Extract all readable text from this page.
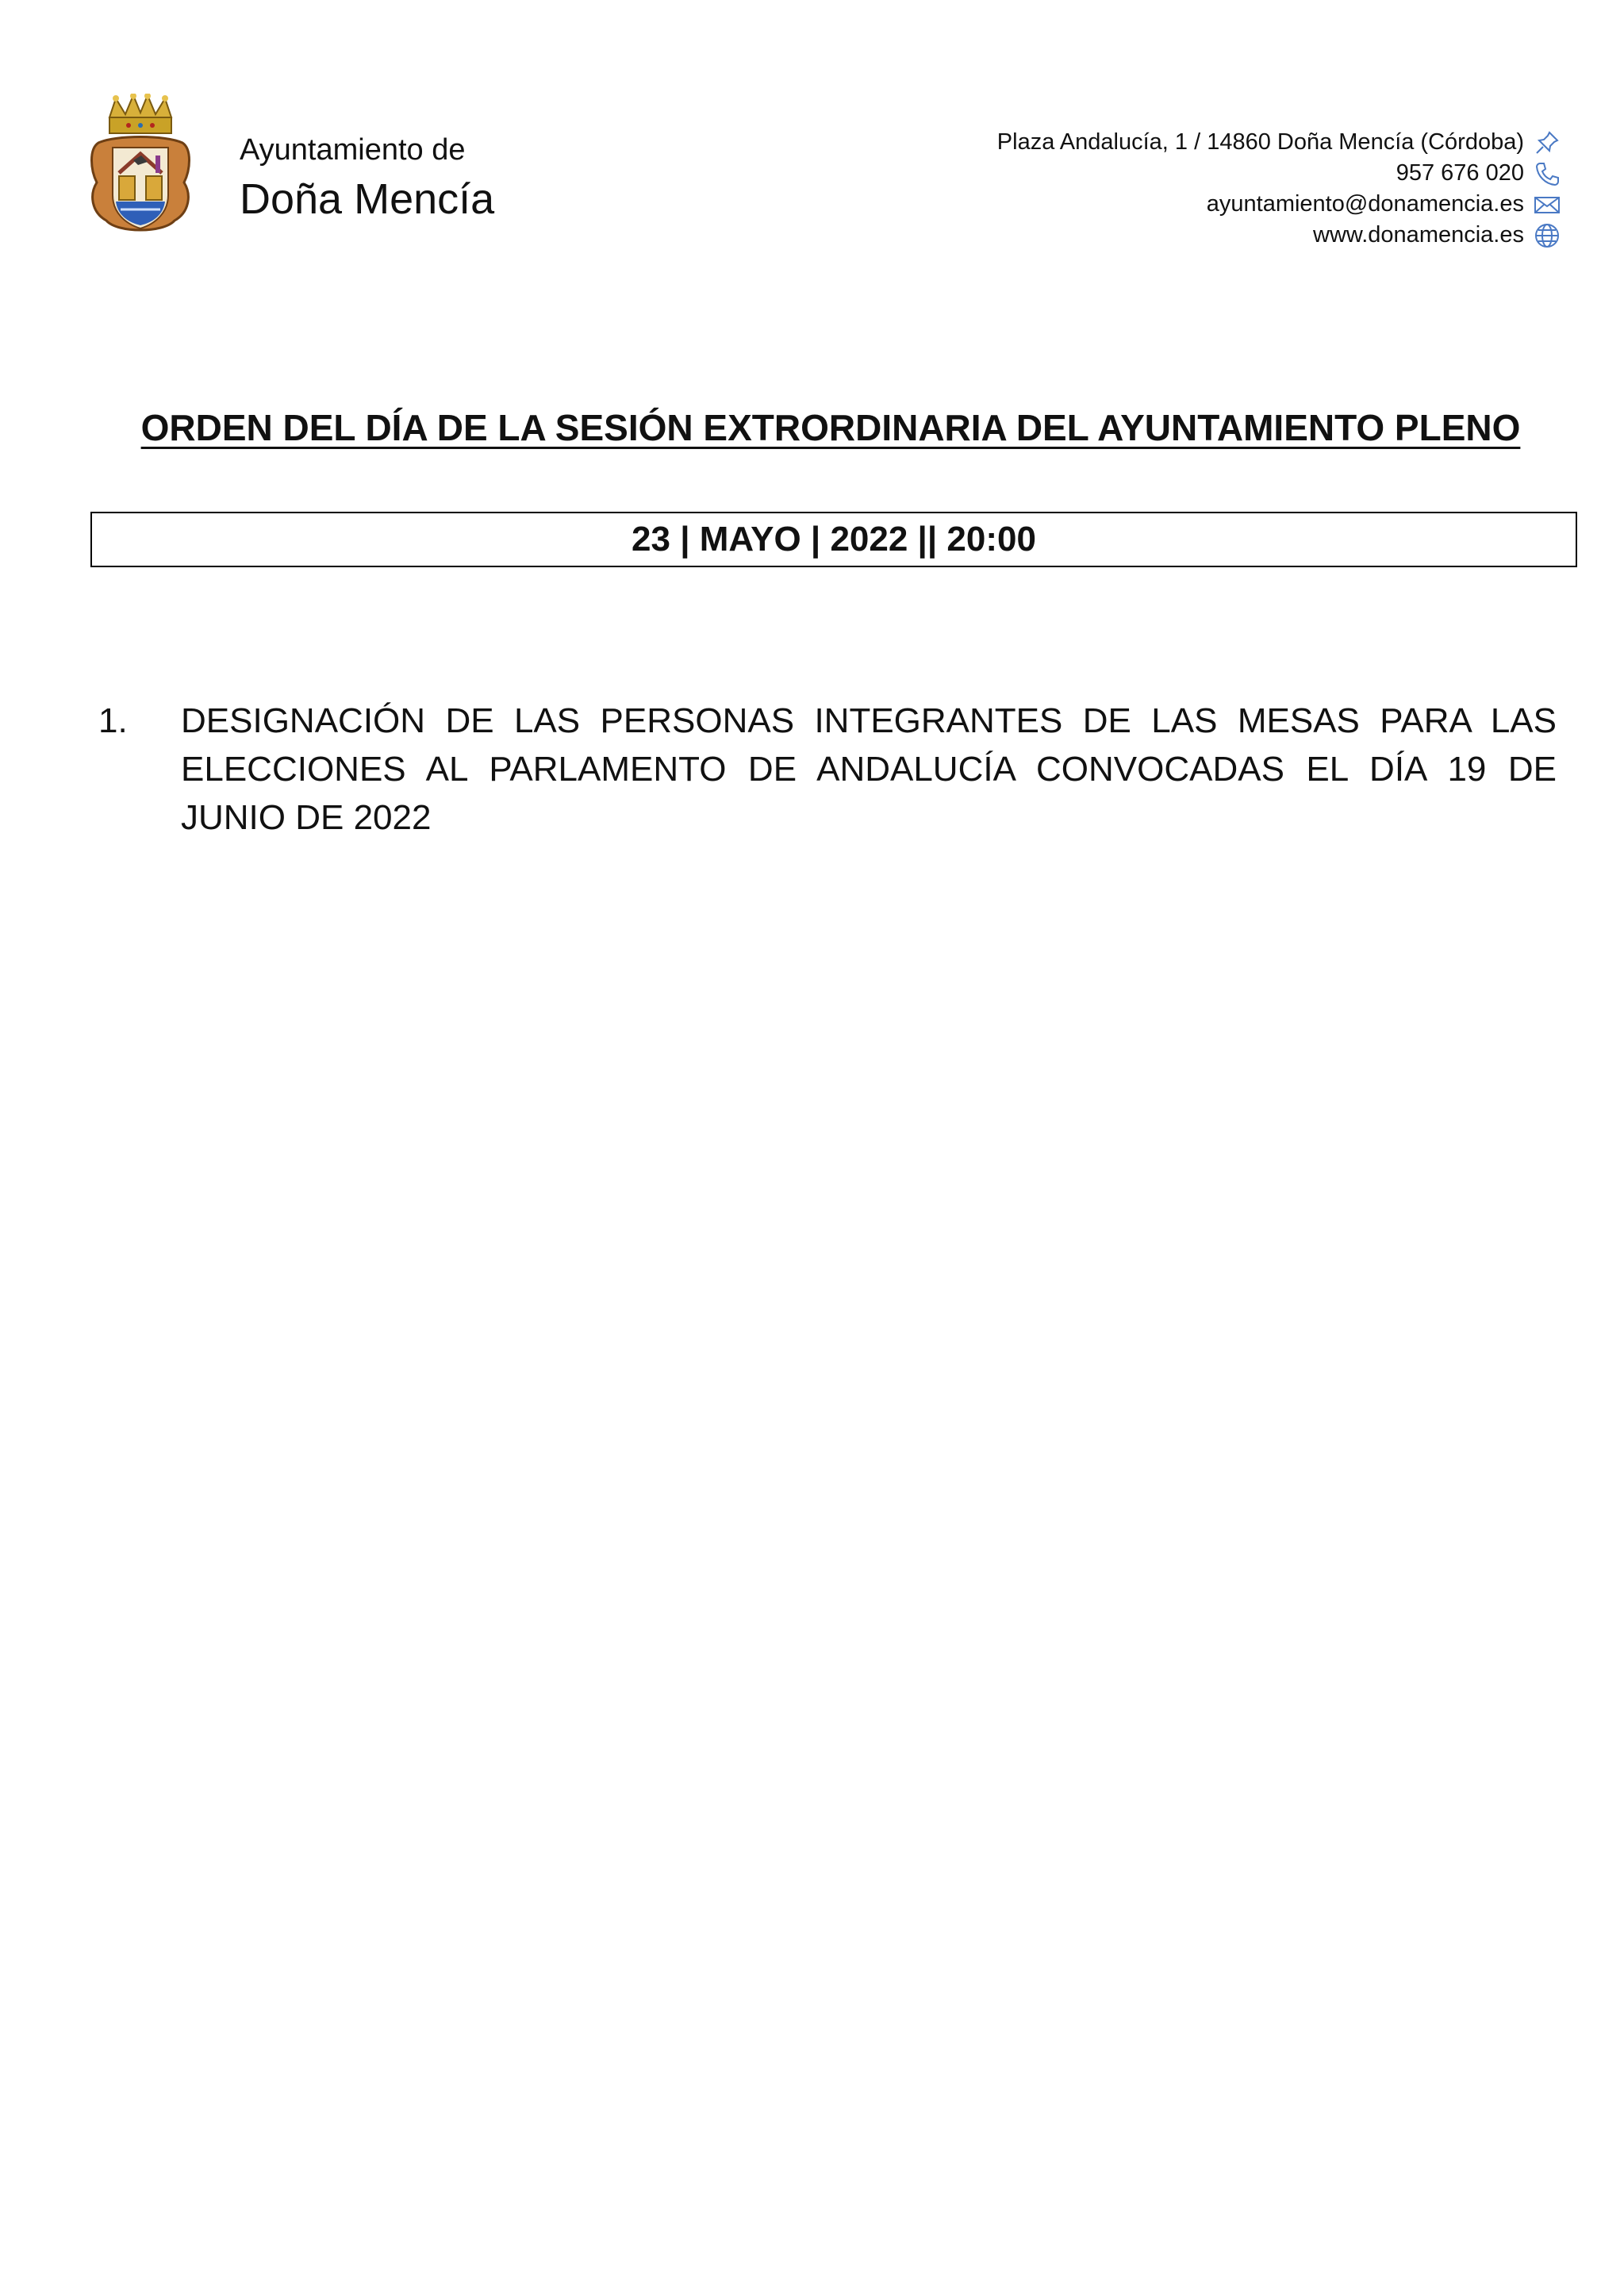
Ayuntamiento de
Doña Mencía
Plaza Andalucía, 1 / 14860 Doña Mencía (Córdoba)
957 676 020
ayuntamiento@donamencia.es
www.donamencia.es
ORDEN DEL DÍA DE LA SESIÓN EXTRORDINARIA DEL AYUNTAMIENTO PLENO
23 | MAYO | 2022 || 20:00
1. DESIGNACIÓN DE LAS PERSONAS INTEGRANTES DE LAS MESAS PARA LAS ELECCIONES AL PARLAMENTO DE ANDALUCÍA CONVOCADAS EL DÍA 19 DE JUNIO DE 2022
